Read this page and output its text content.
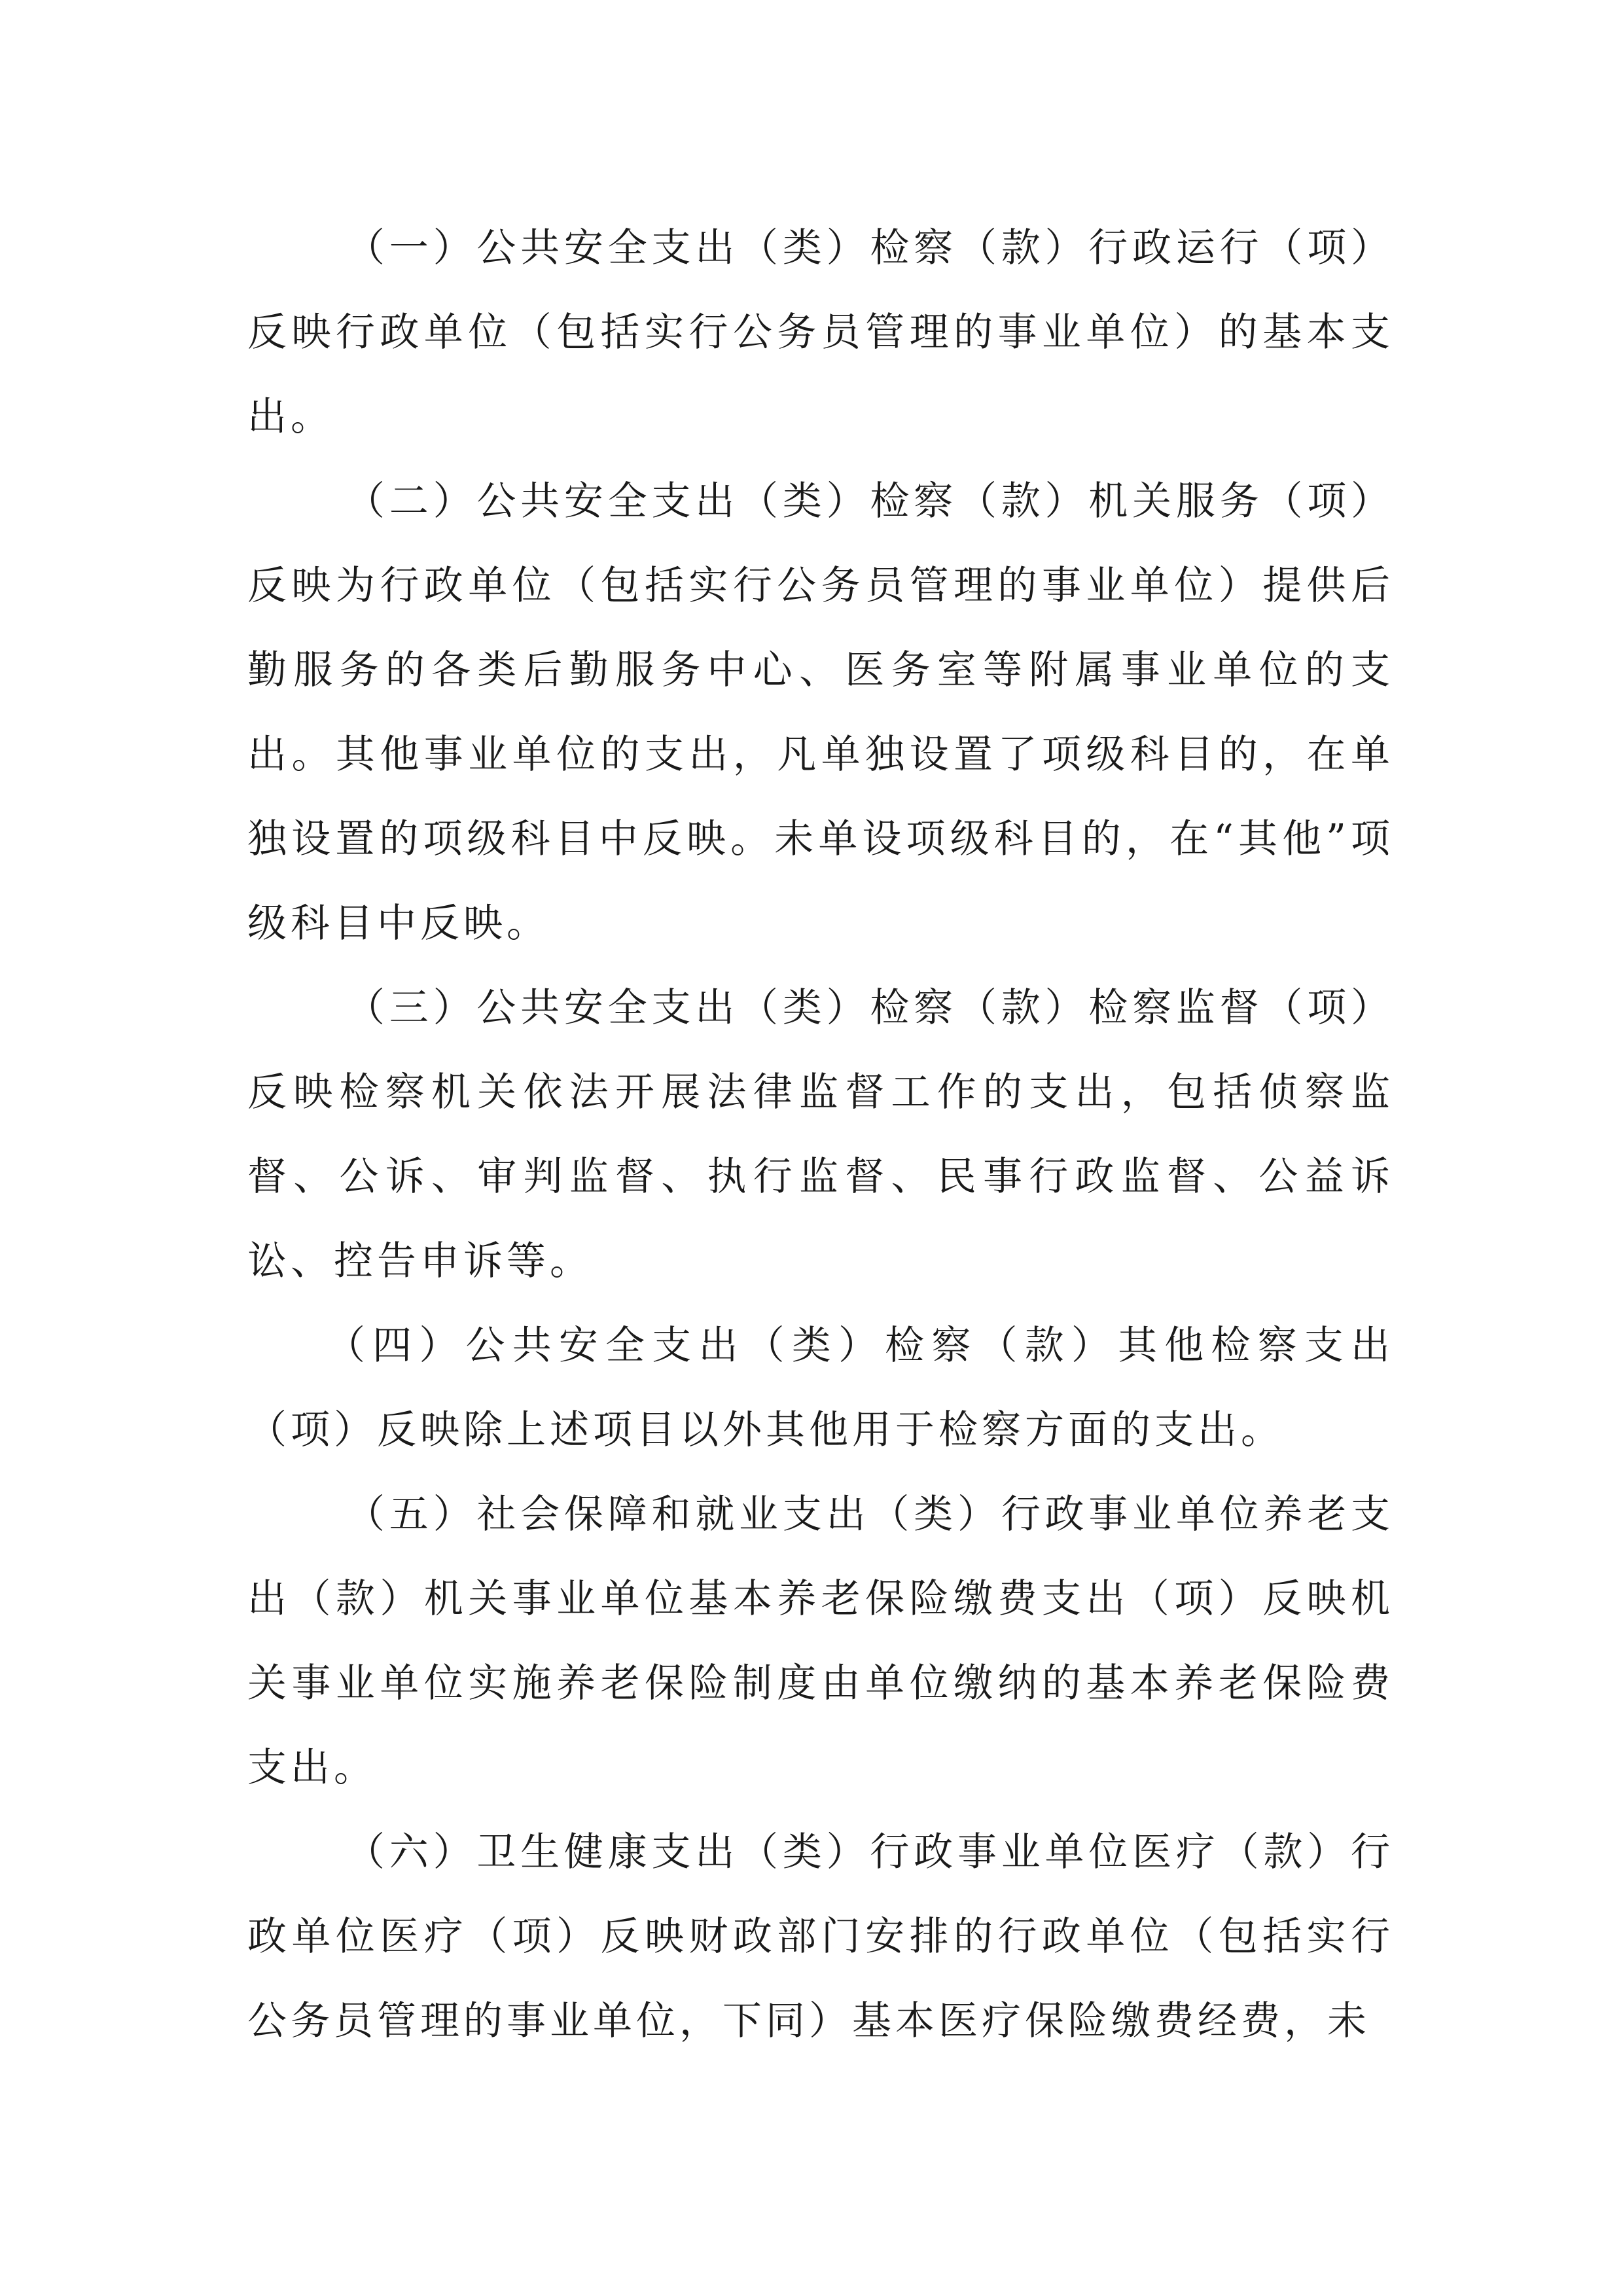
（一）公共安全支出（类）检察（款）行政运行（项）反映行政单位（包括实行公务员管理的事业单位）的基本支出。

（二）公共安全支出（类）检察（款）机关服务（项）反映为行政单位（包括实行公务员管理的事业单位）提供后勤服务的各类后勤服务中心、医务室等附属事业单位的支出。其他事业单位的支出，凡单独设置了项级科目的，在单独设置的项级科目中反映。未单设项级科目的，在“其他”项级科目中反映。

（三）公共安全支出（类）检察（款）检察监督（项）反映检察机关依法开展法律监督工作的支出，包括侦察监督、公诉、审判监督、执行监督、民事行政监督、公益诉讼、控告申诉等。

（四）公共安全支出（类）检察（款）其他检察支出（项）反映除上述项目以外其他用于检察方面的支出。

（五）社会保障和就业支出（类）行政事业单位养老支出（款）机关事业单位基本养老保险缴费支出（项）反映机关事业单位实施养老保险制度由单位缴纳的基本养老保险费支出。

（六）卫生健康支出（类）行政事业单位医疗（款）行政单位医疗（项）反映财政部门安排的行政单位（包括实行公务员管理的事业单位，下同）基本医疗保险缴费经费，未
